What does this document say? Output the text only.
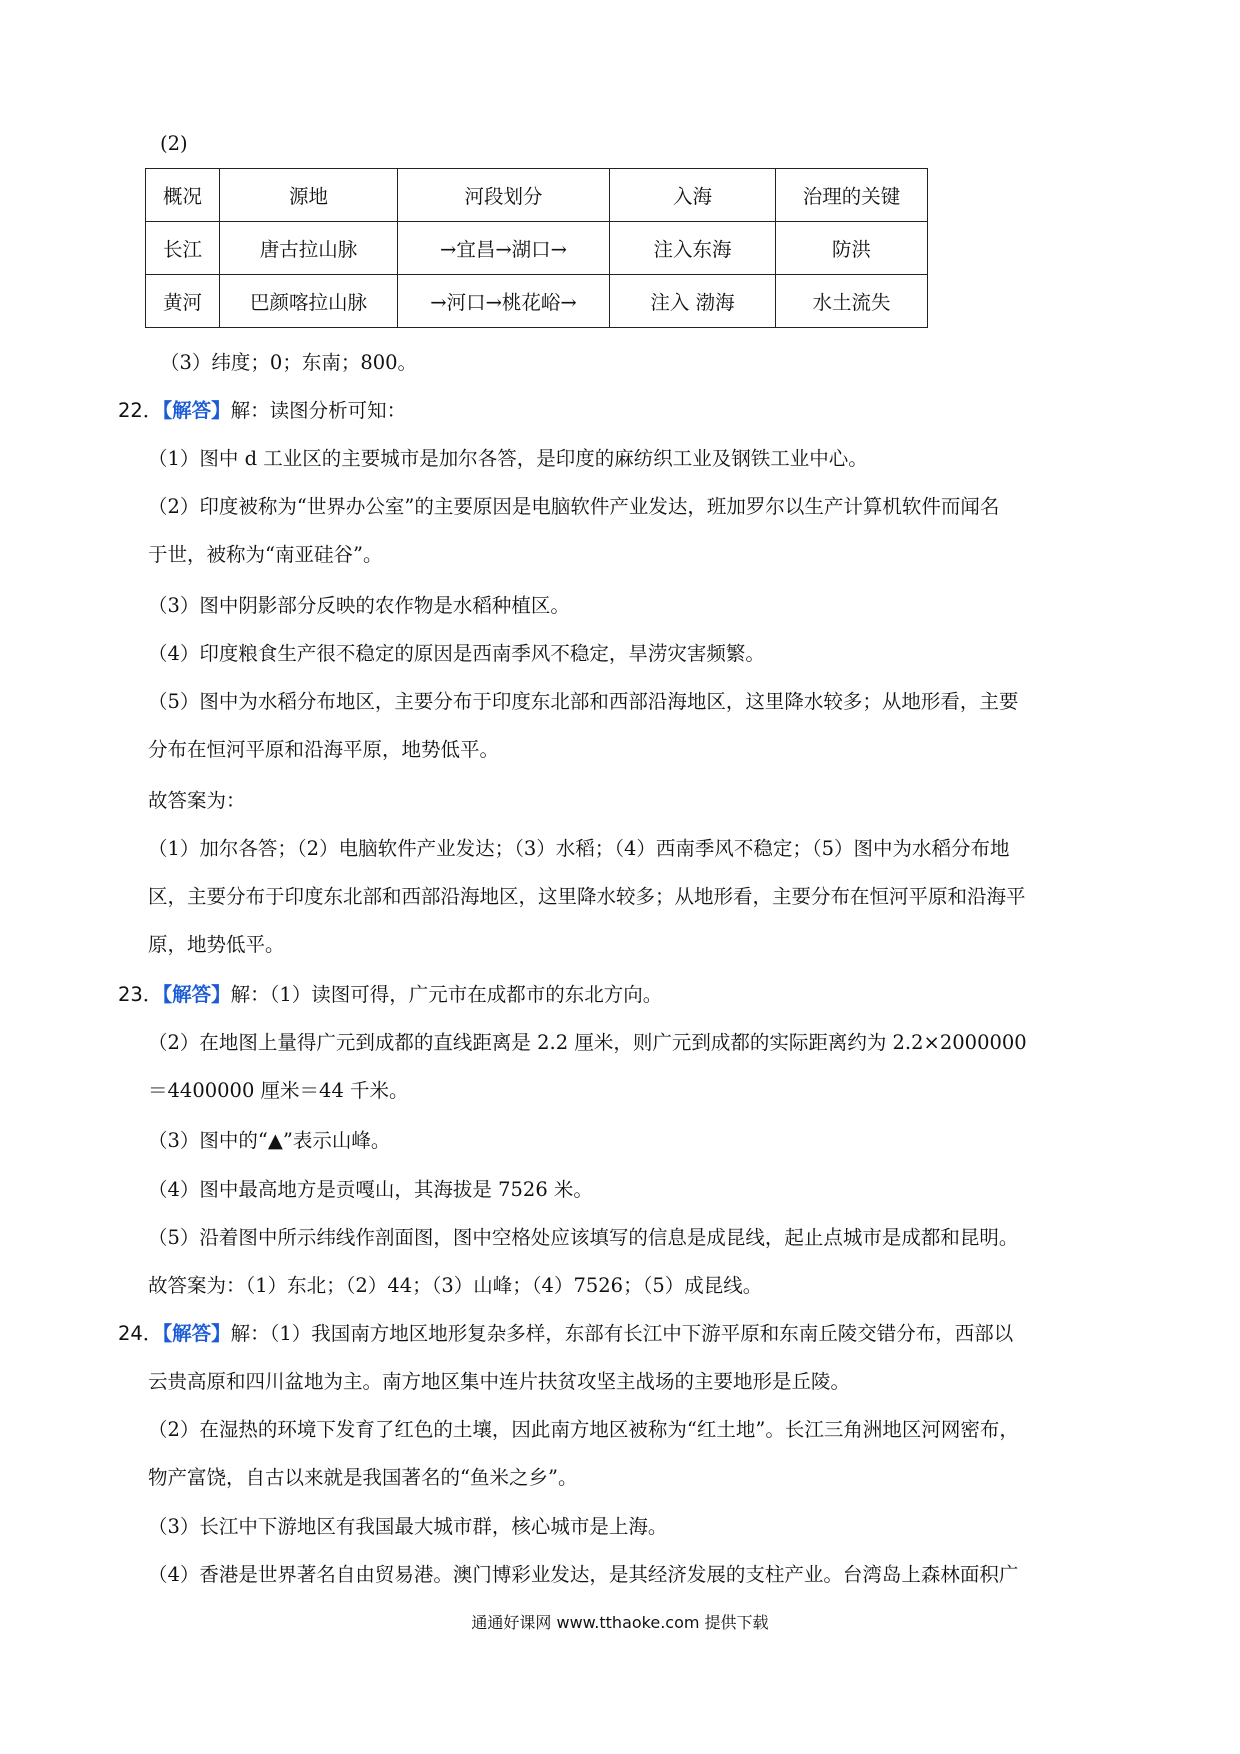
(2)
概况	源地	河段划分	入海	治理的关键
长江	唐古拉山脉	→宜昌→湖口→	注入东海	防洪
黄河	巴颜喀拉山脉	→河口→桃花峪→	注入 渤海	水土流失
（3）纬度；0；东南；800。
22．【解答】解：读图分析可知：
（1）图中 d 工业区的主要城市是加尔各答，是印度的麻纺织工业及钢铁工业中心。
（2）印度被称为“世界办公室”的主要原因是电脑软件产业发达，班加罗尔以生产计算机软件而闻名
于世，被称为“南亚硅谷”。
（3）图中阴影部分反映的农作物是水稻种植区。
（4）印度粮食生产很不稳定的原因是西南季风不稳定，旱涝灾害频繁。
（5）图中为水稻分布地区，主要分布于印度东北部和西部沿海地区，这里降水较多；从地形看，主要
分布在恒河平原和沿海平原，地势低平。
故答案为：
（1）加尔各答；（2）电脑软件产业发达；（3）水稻；（4）西南季风不稳定；（5）图中为水稻分布地
区，主要分布于印度东北部和西部沿海地区，这里降水较多；从地形看，主要分布在恒河平原和沿海平
原，地势低平。
23．【解答】解：（1）读图可得，广元市在成都市的东北方向。
（2）在地图上量得广元到成都的直线距离是 2.2 厘米，则广元到成都的实际距离约为 2.2×2000000
＝4400000 厘米＝44 千米。
（3）图中的“▲”表示山峰。
（4）图中最高地方是贡嘎山，其海拔是 7526 米。
（5）沿着图中所示纬线作剖面图，图中空格处应该填写的信息是成昆线，起止点城市是成都和昆明。
故答案为：（1）东北；（2）44；（3）山峰；（4）7526；（5）成昆线。
24．【解答】解：（1）我国南方地区地形复杂多样，东部有长江中下游平原和东南丘陵交错分布，西部以
云贵高原和四川盆地为主。南方地区集中连片扶贫攻坚主战场的主要地形是丘陵。
（2）在湿热的环境下发育了红色的土壤，因此南方地区被称为“红土地”。长江三角洲地区河网密布，
物产富饶，自古以来就是我国著名的“鱼米之乡”。
（3）长江中下游地区有我国最大城市群，核心城市是上海。
（4）香港是世界著名自由贸易港。澳门博彩业发达，是其经济发展的支柱产业。台湾岛上森林面积广
通通好课网 www.tthaoke.com 提供下载
